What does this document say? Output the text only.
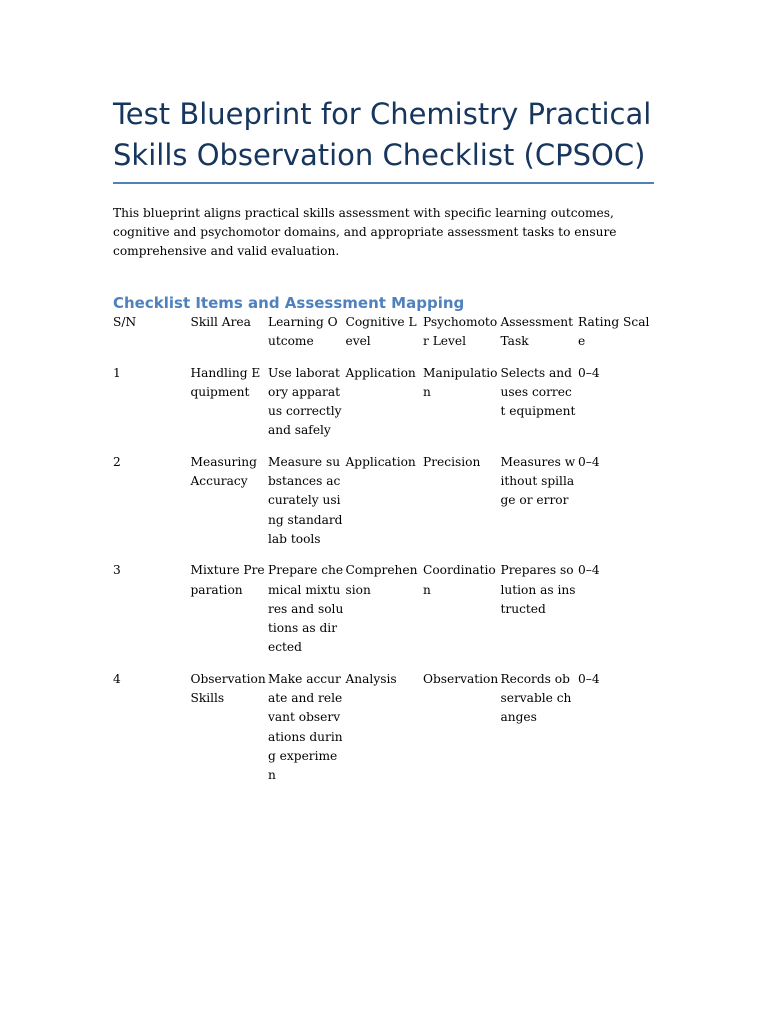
Test Blueprint for Chemistry Practical Skills Observation Checklist (CPSOC)

This blueprint aligns practical skills assessment with specific learning outcomes, cognitive and psychomotor domains, and appropriate assessment tasks to ensure comprehensive and valid evaluation.

Checklist Items and Assessment Mapping
S/N	Skill Area	Learning Outcome	Cognitive Level	Psychomotor Level	Assessment Task	Rating Scale

1	Handling Equipment	Use laboratory apparatus correctly and safely	Application	Manipulation	Selects and uses correct equipment	0–4

2	Measuring Accuracy	Measure substances accurately using standard lab tools	Application	Precision	Measures without spillage or error	0–4

3	Mixture Preparation	Prepare chemical mixtures and solutions as directed	Comprehension	Coordination	Prepares solution as instructed	0–4

4	Observation Skills	Make accurate and relevant observations during experimen	Analysis	Observation	Records observable changes	0–4
